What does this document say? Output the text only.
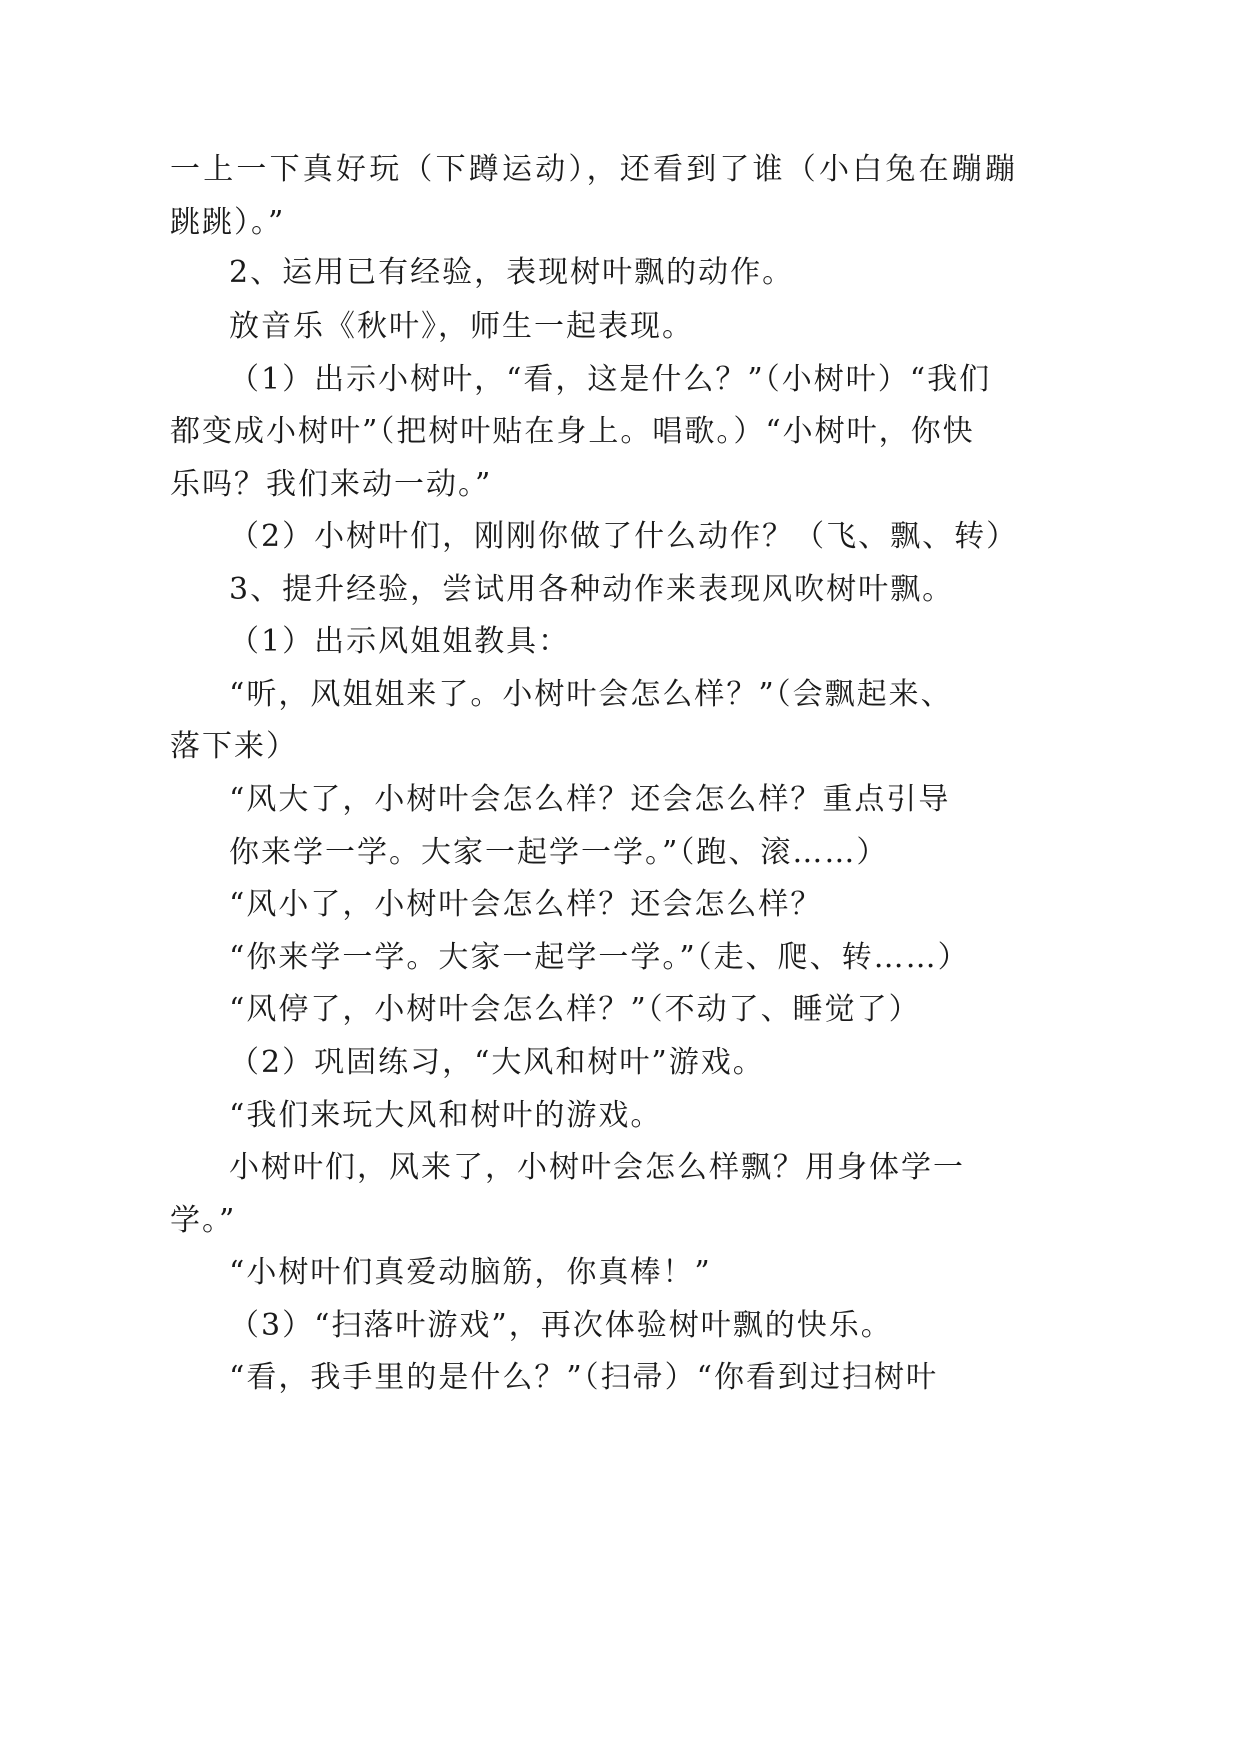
一上一下真好玩（下蹲运动），还看到了谁（小白兔在蹦蹦
跳跳）。”
2、运用已有经验，表现树叶飘的动作。
放音乐《秋叶》，师生一起表现。
（1）出示小树叶，“看，这是什么？”（小树叶）“我们
都变成小树叶”（把树叶贴在身上。唱歌。）“小树叶，你快
乐吗？我们来动一动。”
（2）小树叶们，刚刚你做了什么动作？（飞、飘、转）
3、提升经验，尝试用各种动作来表现风吹树叶飘。
（1）出示风姐姐教具：
“听，风姐姐来了。小树叶会怎么样？”（会飘起来、
落下来）
“风大了，小树叶会怎么样？还会怎么样？重点引导
你来学一学。大家一起学一学。”（跑、滚……）
“风小了，小树叶会怎么样？还会怎么样？
“你来学一学。大家一起学一学。”（走、爬、转……）
“风停了，小树叶会怎么样？”（不动了、睡觉了）
（2）巩固练习，“大风和树叶”游戏。
“我们来玩大风和树叶的游戏。
小树叶们，风来了，小树叶会怎么样飘？用身体学一
学。”
“小树叶们真爱动脑筋，你真棒！”
（3）“扫落叶游戏”，再次体验树叶飘的快乐。
“看，我手里的是什么？”（扫帚）“你看到过扫树叶
